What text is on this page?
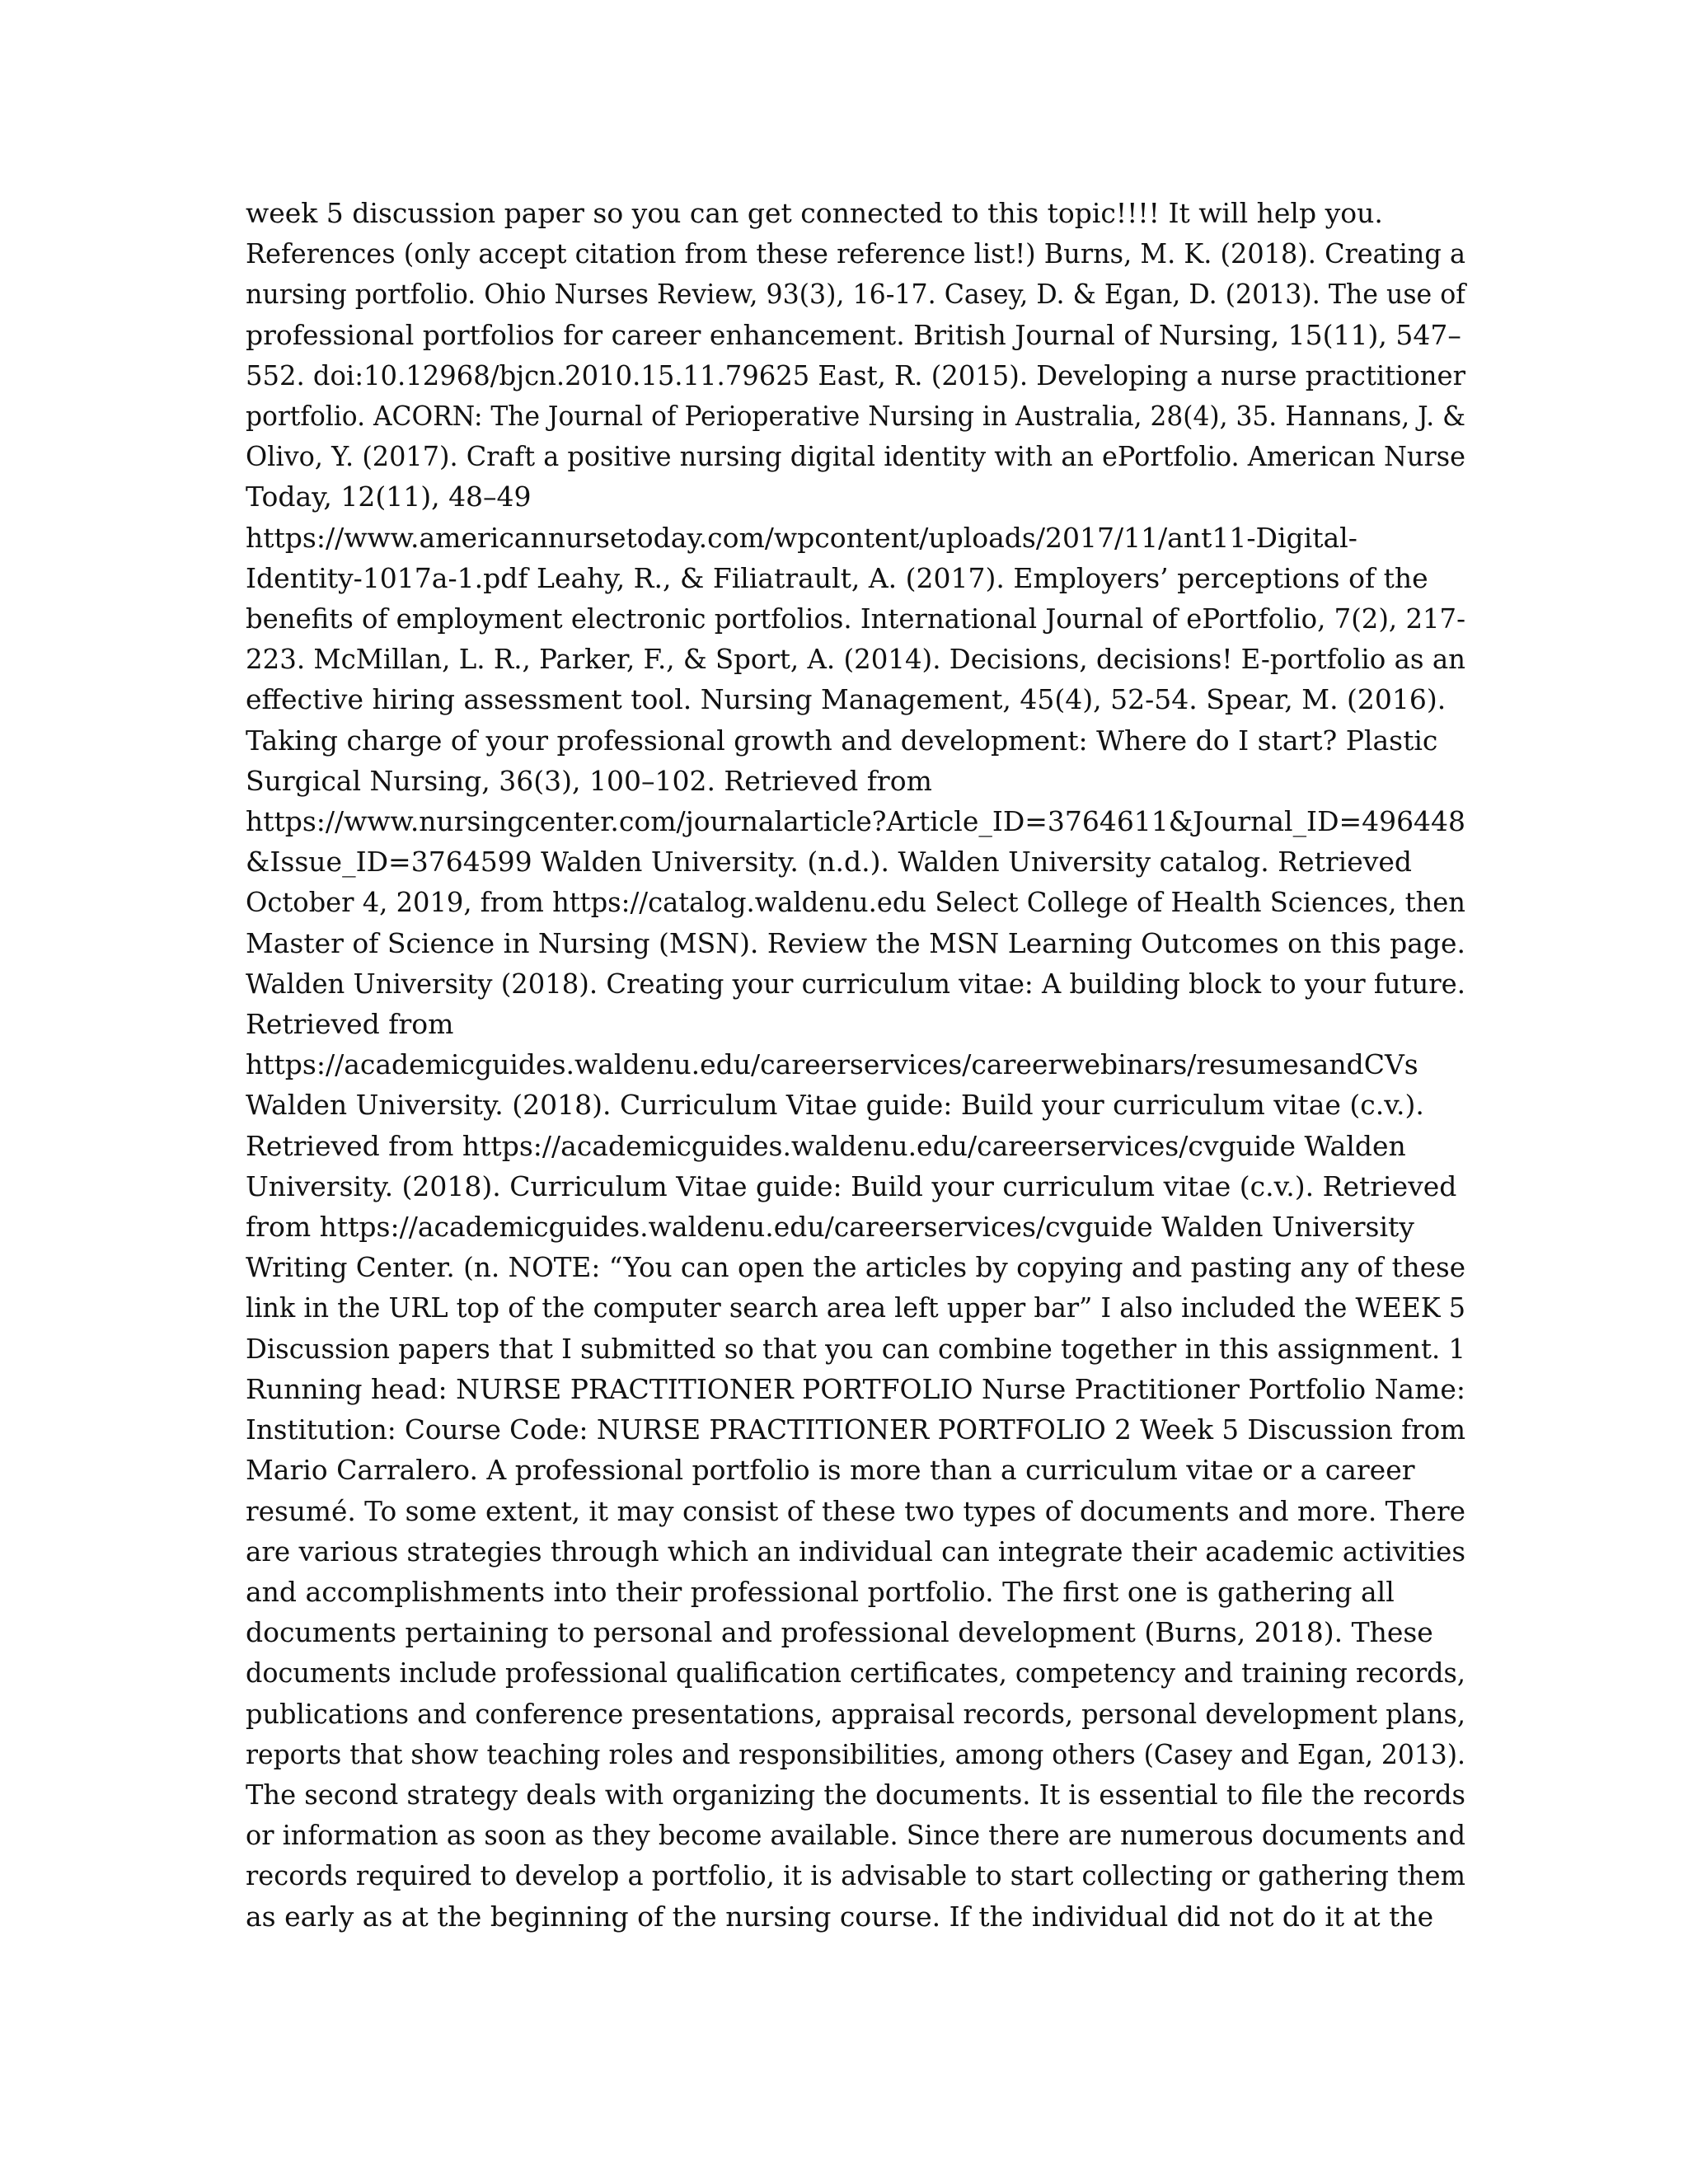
week 5 discussion paper so you can get connected to this topic!!!! It will help you.
References (only accept citation from these reference list!) Burns, M. K. (2018). Creating a
nursing portfolio. Ohio Nurses Review, 93(3), 16-17. Casey, D. & Egan, D. (2013). The use of
professional portfolios for career enhancement. British Journal of Nursing, 15(11), 547–
552. doi:10.12968/bjcn.2010.15.11.79625 East, R. (2015). Developing a nurse practitioner
portfolio. ACORN: The Journal of Perioperative Nursing in Australia, 28(4), 35. Hannans, J. &
Olivo, Y. (2017). Craft a positive nursing digital identity with an ePortfolio. American Nurse
Today, 12(11), 48–49
https://www.americannursetoday.com/wpcontent/uploads/2017/11/ant11-Digital-
Identity-1017a-1.pdf Leahy, R., & Filiatrault, A. (2017). Employers’ perceptions of the
benefits of employment electronic portfolios. International Journal of ePortfolio, 7(2), 217-
223. McMillan, L. R., Parker, F., & Sport, A. (2014). Decisions, decisions! E-portfolio as an
effective hiring assessment tool. Nursing Management, 45(4), 52-54. Spear, M. (2016).
Taking charge of your professional growth and development: Where do I start? Plastic
Surgical Nursing, 36(3), 100–102. Retrieved from
https://www.nursingcenter.com/journalarticle?Article_ID=3764611&Journal_ID=496448
&Issue_ID=3764599 Walden University. (n.d.). Walden University catalog. Retrieved
October 4, 2019, from https://catalog.waldenu.edu Select College of Health Sciences, then
Master of Science in Nursing (MSN). Review the MSN Learning Outcomes on this page.
Walden University (2018). Creating your curriculum vitae: A building block to your future.
Retrieved from
https://academicguides.waldenu.edu/careerservices/careerwebinars/resumesandCVs
Walden University. (2018). Curriculum Vitae guide: Build your curriculum vitae (c.v.).
Retrieved from https://academicguides.waldenu.edu/careerservices/cvguide Walden
University. (2018). Curriculum Vitae guide: Build your curriculum vitae (c.v.). Retrieved
from https://academicguides.waldenu.edu/careerservices/cvguide Walden University
Writing Center. (n. NOTE: “You can open the articles by copying and pasting any of these
link in the URL top of the computer search area left upper bar” I also included the WEEK 5
Discussion papers that I submitted so that you can combine together in this assignment. 1
Running head: NURSE PRACTITIONER PORTFOLIO Nurse Practitioner Portfolio Name:
Institution: Course Code: NURSE PRACTITIONER PORTFOLIO 2 Week 5 Discussion from
Mario Carralero. A professional portfolio is more than a curriculum vitae or a career
resumé. To some extent, it may consist of these two types of documents and more. There
are various strategies through which an individual can integrate their academic activities
and accomplishments into their professional portfolio. The first one is gathering all
documents pertaining to personal and professional development (Burns, 2018). These
documents include professional qualification certificates, competency and training records,
publications and conference presentations, appraisal records, personal development plans,
reports that show teaching roles and responsibilities, among others (Casey and Egan, 2013).
The second strategy deals with organizing the documents. It is essential to file the records
or information as soon as they become available. Since there are numerous documents and
records required to develop a portfolio, it is advisable to start collecting or gathering them
as early as at the beginning of the nursing course. If the individual did not do it at the
